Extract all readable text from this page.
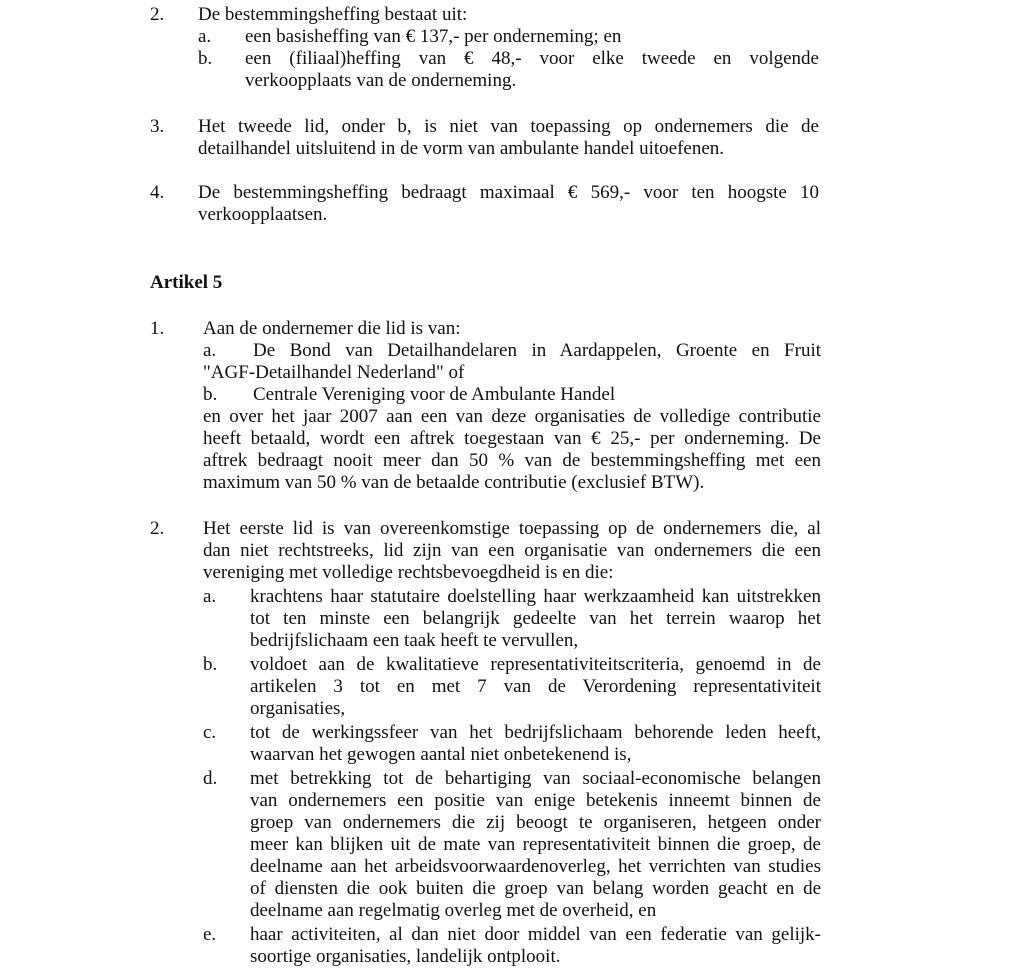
2. De bestemmingsheffing bestaat uit:

a. een basisheffing van € 137,- per onderneming; en

b. een (filiaal)heffing van € 48,- voor elke tweede en volgende

verkoopplaats van de onderneming.

3. Het tweede lid, onder b, is niet van toepassing op ondernemers die de

detailhandel uitsluitend in de vorm van ambulante handel uitoefenen.

4. De bestemmingsheffing bedraagt maximaal € 569,- voor ten hoogste 10

verkoopplaatsen.

Artikel 5

1. Aan de ondernemer die lid is van:

a. De Bond van Detailhandelaren in Aardappelen, Groente en Fruit

"AGF-Detailhandel Nederland" of

b. Centrale Vereniging voor de Ambulante Handel

en over het jaar 2007 aan een van deze organisaties de volledige contributie

heeft betaald, wordt een aftrek toegestaan van € 25,- per onderneming. De

aftrek bedraagt nooit meer dan 50 % van de bestemmingsheffing met een

maximum van 50 % van de betaalde contributie (exclusief BTW).

2. Het eerste lid is van overeenkomstige toepassing op de ondernemers die, al

dan niet rechtstreeks, lid zijn van een organisatie van ondernemers die een

vereniging met volledige rechtsbevoegdheid is en die:

a. krachtens haar statutaire doelstelling haar werkzaamheid kan uitstrekken

tot ten minste een belangrijk gedeelte van het terrein waarop het

bedrijfslichaam een taak heeft te vervullen,

b. voldoet aan de kwalitatieve representativiteitscriteria, genoemd in de

artikelen 3 tot en met 7 van de Verordening representativiteit

organisaties,

c. tot de werkingssfeer van het bedrijfslichaam behorende leden heeft,

waarvan het gewogen aantal niet onbetekenend is,

d. met betrekking tot de behartiging van sociaal-economische belangen

van ondernemers een positie van enige betekenis inneemt binnen de

groep van ondernemers die zij beoogt te organiseren, hetgeen onder

meer kan blijken uit de mate van representativiteit binnen die groep, de

deelname aan het arbeidsvoorwaardenoverleg, het verrichten van studies

of diensten die ook buiten die groep van belang worden geacht en de

deelname aan regelmatig overleg met de overheid, en

e. haar activiteiten, al dan niet door middel van een federatie van gelijk-

soortige organisaties, landelijk ontplooit.
